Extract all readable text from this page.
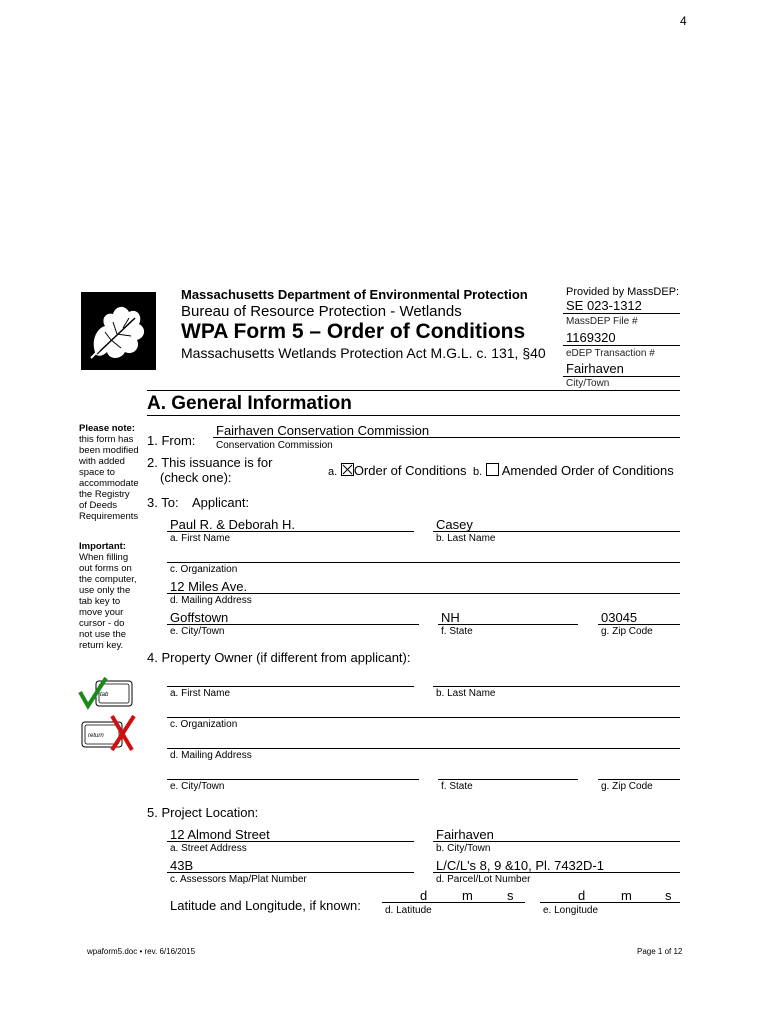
4
Massachusetts Department of Environmental Protection
Bureau of Resource Protection - Wetlands
WPA Form 5 – Order of Conditions
Massachusetts Wetlands Protection Act M.G.L. c. 131, §40
Provided by MassDEP:
SE 023-1312
MassDEP File #
1169320
eDEP Transaction #
Fairhaven
City/Town
A. General Information
Please note:
this form has been modified with added space to accommodate the Registry of Deeds Requirements
Important:
When filling out forms on the computer, use only the tab key to move your cursor - do not use the return key.
tab
return
1. From:
Fairhaven Conservation Commission
Conservation Commission
2. This issuance is for
(check one):	a. Order of Conditions b. Amended Order of Conditions
3. To: Applicant:
Paul R. & Deborah H.
a. First Name
Casey
b. Last Name
c. Organization
12 Miles Ave.
d. Mailing Address
Goffstown
e. City/Town
NH
f. State
03045
g. Zip Code
4. Property Owner (if different from applicant):
a. First Name	b. Last Name
c. Organization
d. Mailing Address
e. City/Town	f. State	g. Zip Code
5. Project Location:
12 Almond Street
a. Street Address
Fairhaven
b. City/Town
43B
c. Assessors Map/Plat Number
L/C/L's 8, 9 &10, Pl. 7432D-1
d. Parcel/Lot Number
Latitude and Longitude, if known:
d	m	s
d. Latitude
d	m	s
e. Longitude
wpaform5.doc • rev. 6/16/2015	Page 1 of 12
